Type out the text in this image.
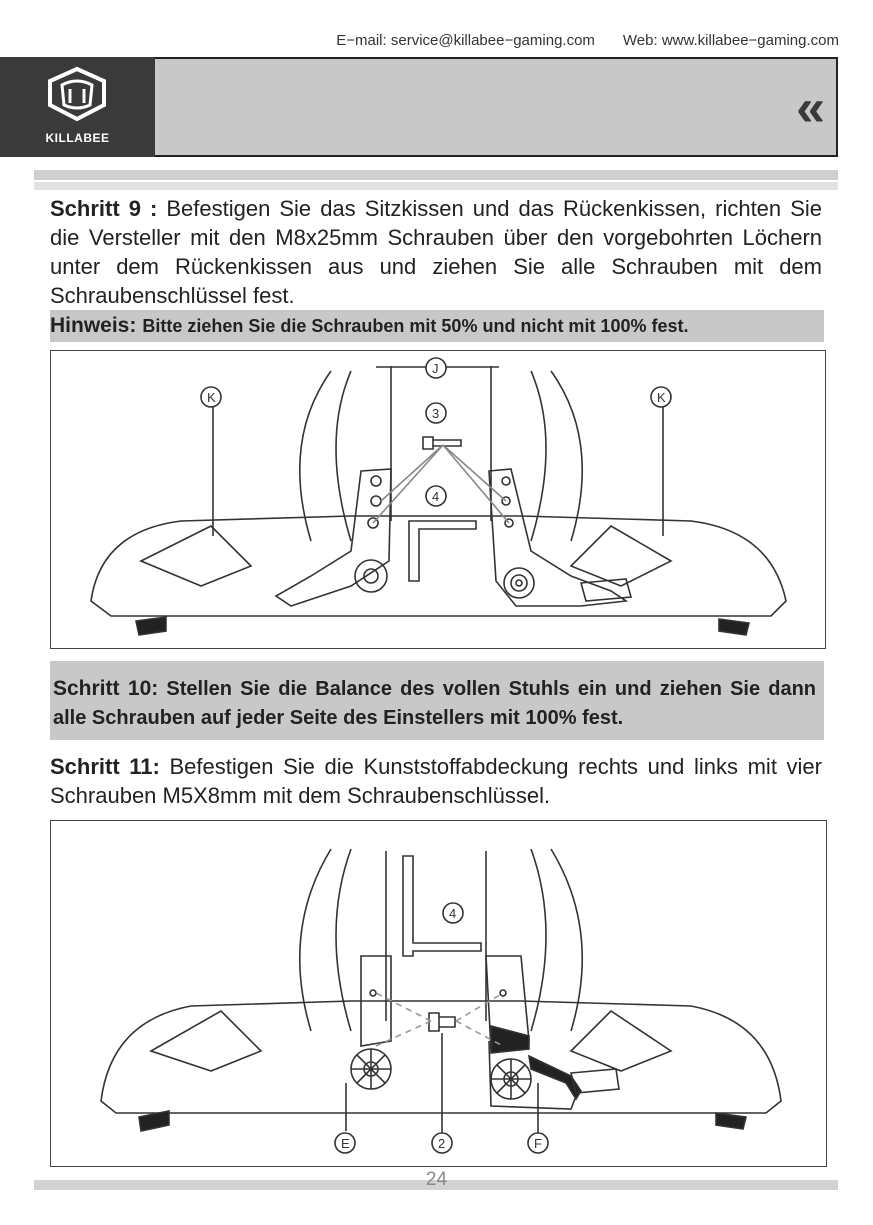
E−mail: service@killabee−gaming.com Web: www.killabee−gaming.com
KILLABEE
«
Schritt 9 : Befestigen Sie das Sitzkissen und das Rückenkissen, richten Sie die Versteller mit den M8x25mm Schrauben über den vorgebohrten Löchern unter dem Rückenkissen aus und ziehen Sie alle Schrauben mit dem Schraubenschlüssel fest.
Hinweis: Bitte ziehen Sie die Schrauben mit 50% und nicht mit 100% fest.
J
K	K
3
4
Schritt 10: Stellen Sie die Balance des vollen Stuhls ein und ziehen Sie dann alle Schrauben auf jeder Seite des Einstellers mit 100% fest.
Schritt 11: Befestigen Sie die Kunststoffabdeckung rechts und links mit vier Schrauben M5X8mm mit dem Schraubenschlüssel.
4
E	2	F
24
